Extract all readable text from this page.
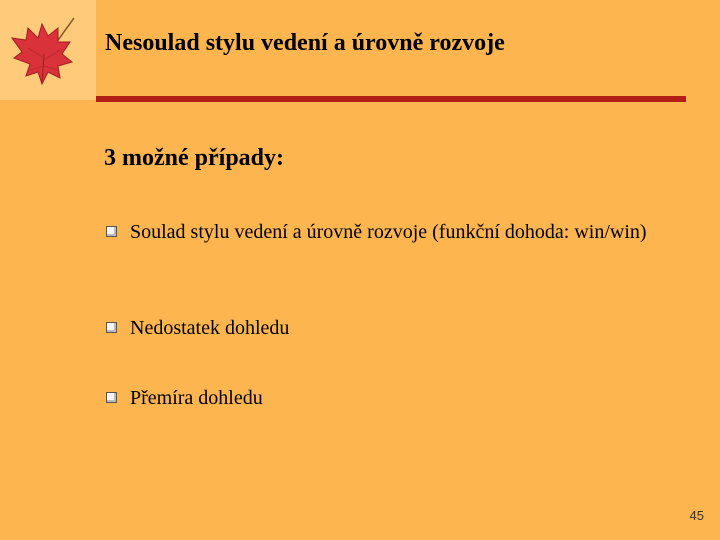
Nesoulad stylu vedení a úrovně rozvoje
3 možné případy:
Soulad stylu vedení a úrovně rozvoje (funkční dohoda: win/win)
Nedostatek dohledu
Přemíra dohledu
45
